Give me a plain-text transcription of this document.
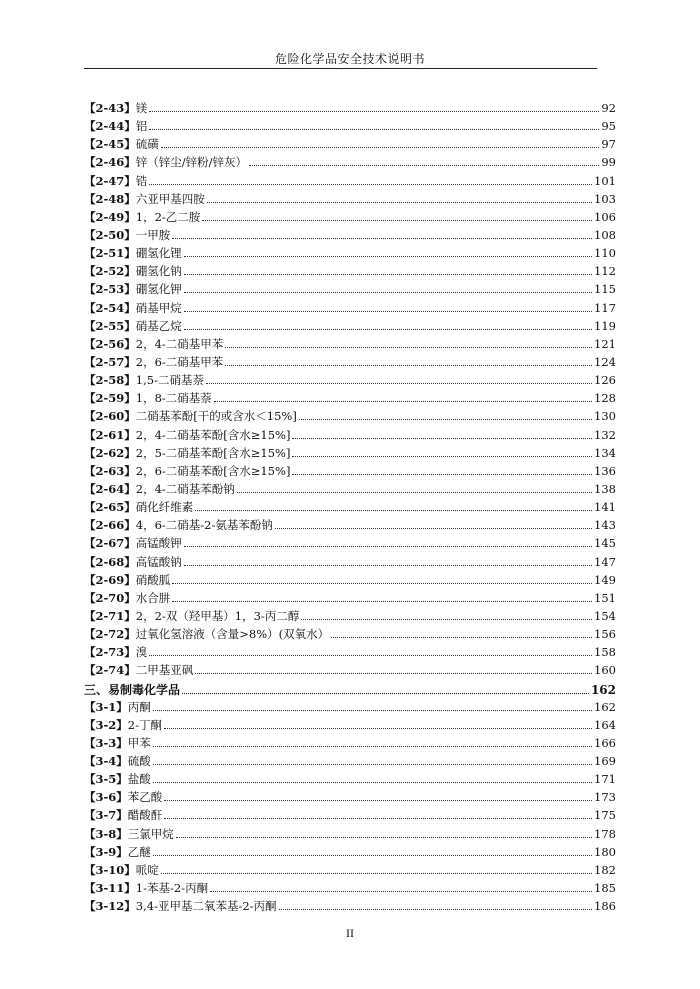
危险化学品安全技术说明书
【2-43】 镁	92
【2-44】 铝	95
【2-45】 硫磺	97
【2-46】 锌（锌尘/锌粉/锌灰）	99
【2-47】 锆	101
【2-48】 六亚甲基四胺	103
【2-49】 1，2-乙二胺	106
【2-50】 一甲胺	108
【2-51】 硼氢化锂	110
【2-52】 硼氢化钠	112
【2-53】 硼氢化钾	115
【2-54】 硝基甲烷	117
【2-55】 硝基乙烷	119
【2-56】 2，4-二硝基甲苯	121
【2-57】 2，6-二硝基甲苯	124
【2-58】 1,5-二硝基萘	126
【2-59】 1，8-二硝基萘	128
【2-60】 二硝基苯酚[干的或含水＜15%]	130
【2-61】 2，4-二硝基苯酚[含水≥15%]	132
【2-62】 2，5-二硝基苯酚[含水≥15%]	134
【2-63】 2，6-二硝基苯酚[含水≥15%]	136
【2-64】 2，4-二硝基苯酚钠	138
【2-65】 硝化纤维素	141
【2-66】 4，6-二硝基-2-氨基苯酚钠	143
【2-67】 高锰酸钾	145
【2-68】 高锰酸钠	147
【2-69】 硝酸胍	149
【2-70】 水合肼	151
【2-71】 2，2-双（羟甲基）1，3-丙二醇	154
【2-72】 过氧化氢溶液（含量>8%）(双氧水）	156
【2-73】 溴	158
【2-74】 二甲基亚砜	160
三、易制毒化学品	162
【3-1】 丙酮	162
【3-2】 2-丁酮	164
【3-3】 甲苯	166
【3-4】 硫酸	169
【3-5】 盐酸	171
【3-6】 苯乙酸	173
【3-7】 醋酸酐	175
【3-8】 三氯甲烷	178
【3-9】 乙醚	180
【3-10】 哌啶	182
【3-11】 1-苯基-2-丙酮	185
【3-12】 3,4-亚甲基二氧苯基-2-丙酮	186
II
